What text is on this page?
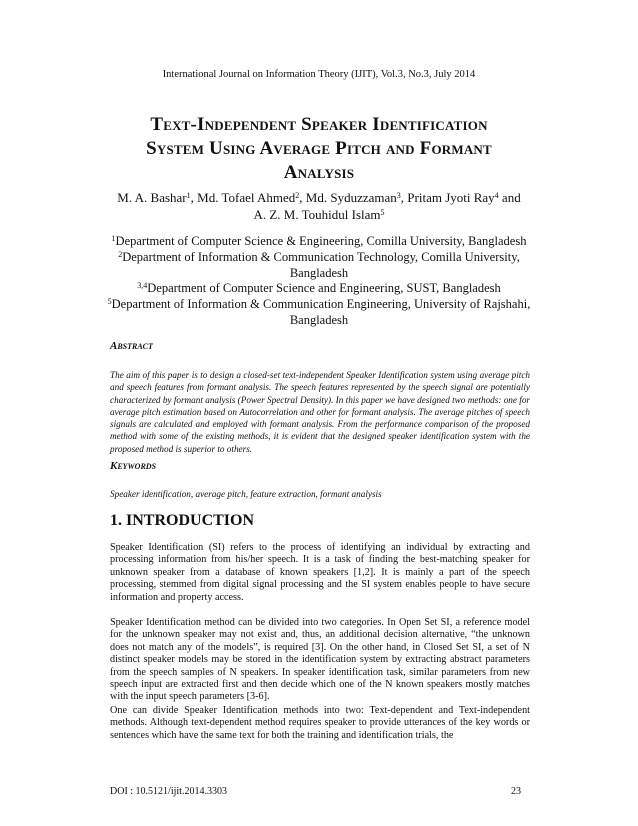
International Journal on Information Theory (IJIT), Vol.3, No.3, July 2014
Text-Independent Speaker Identification
System Using Average Pitch and Formant
Analysis
M. A. Bashar$^1$, Md. Tofael Ahmed$^2$, Md. Syduzzaman$^3$, Pritam Jyoti Ray$^4$ and
A. Z. M. Touhidul Islam$^5$
$^1$Department of Computer Science & Engineering, Comilla University, Bangladesh
$^2$Department of Information & Communication Technology, Comilla University,
Bangladesh
$^{3,4}$Department of Computer Science and Engineering, SUST, Bangladesh
$^5$Department of Information & Communication Engineering, University of Rajshahi,
Bangladesh
Abstract

The aim of this paper is to design a closed-set text-independent Speaker Identification system using average pitch and speech features from formant analysis. The speech features represented by the speech signal are potentially characterized by formant analysis (Power Spectral Density). In this paper we have designed two methods: one for average pitch estimation based on Autocorrelation and other for formant analysis. The average pitches of speech signals are calculated and employed with formant analysis. From the performance comparison of the proposed method with some of the existing methods, it is evident that the designed speaker identification system with the proposed method is superior to others.

Keywords

Speaker identification, average pitch, feature extraction, formant analysis

1. INTRODUCTION

Speaker Identification (SI) refers to the process of identifying an individual by extracting and processing information from his/her speech. It is a task of finding the best-matching speaker for unknown speaker from a database of known speakers [1,2]. It is mainly a part of the speech processing, stemmed from digital signal processing and the SI system enables people to have secure information and property access.

Speaker Identification method can be divided into two categories. In Open Set SI, a reference model for the unknown speaker may not exist and, thus, an additional decision alternative, “the unknown does not match any of the models”, is required [3]. On the other hand, in Closed Set SI, a set of N distinct speaker models may be stored in the identification system by extracting abstract parameters from the speech samples of N speakers. In speaker identification task, similar parameters from new speech input are extracted first and then decide which one of the N known speakers mostly matches with the input speech parameters [3-6].

One can divide Speaker Identification methods into two: Text-dependent and Text-independent methods. Although text-dependent method requires speaker to provide utterances of the key words or sentences which have the same text for both the training and identification trials, the

DOI : 10.5121/ijit.2014.3303	23
